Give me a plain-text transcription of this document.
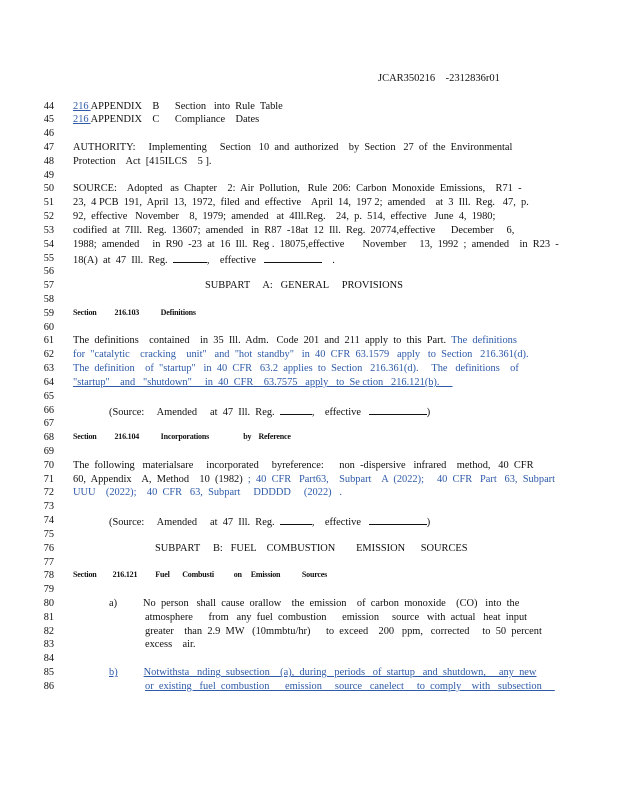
JCAR350216    -2312836r01
44 216 APPENDIX    B      Section   into  Rule  Table
45 216 APPENDIX    C      Compliance    Dates
46
47 AUTHORITY:     Implementing     Section   10  and  authorized    by  Section   27  of  the  Environmental
48 Protection    Act  [415ILCS    5 ].
49
50 SOURCE:    Adopted   as  Chapter    2:  Air  Pollution,   Rule  206:  Carbon  Monoxide  Emissions,    R71  -
51 23,  4 PCB  191,  April  13,  1972,  filed  and  effective    April  14,  197 2;  amended    at  3  Ill.  Reg.   47,  p.
52 92,  effective   November    8,  1979;  amended   at  4Ill.Reg.    24,  p.  514,  effective   June  4,  1980;
53 codified  at  7Ill.  Reg.  13607;  amended   in  R87  -18at  12  Ill.  Reg.  20774,effective      December     6,
54 1988;  amended     in  R90  -23  at  16  Ill.  Reg .  18075,effective       November     13,  1992  ;  amended    in  R23  -
55 18(A)  at  47  Ill.  Reg.	,    effective	.
56
57	SUBPART     A:   GENERAL     PROVISIONS
58
59 Section          216.103            Definitions
60
61 The  definitions    contained    in  35  Ill.  Adm.   Code  201  and  211  apply  to  this  Part.  The  definitions
62 for  "catalytic    cracking    unit"   and  "hot  standby"   in  40  CFR  63.1579   apply   to  Section   216.361(d).
63 The  definition    of  "startup"   in  40  CFR   63.2  applies  to  Section   216.361(d).     The   definitions    of
64 "startup"    and   "shutdown"     in  40  CFR    63.7575   apply   to  Se ction   216.121(b).
65
66	(Source:     Amended     at  47  Ill.  Reg.	,    effective	)
67
68 Section          216.104            Incorporations                   by    Reference
69
70 The  following   materialsare     incorporated     byreference:      non  -dispersive   infrared    method,   40  CFR
71 60,  Appendix    A,  Method    10  (1982)  ;  40  CFR   Part63,    Subpart    A  (2022);     40  CFR   Part   63,  Subpart
72 UUU    (2022);    40  CFR   63,  Subpart     DDDDD     (2022)   .
73
74	(Source:     Amended     at  47  Ill.  Reg.	,    effective	)
75
76	SUBPART     B:   FUEL    COMBUSTION        EMISSION      SOURCES
77
78 Section         216.121          Fuel       Combusti           on     Emission            Sources
79
80	a)          No  person   shall  cause  orallow    the  emission    of  carbon  monoxide    (CO)   into  the
81	atmosphere      from   any  fuel  combustion      emission     source   with  actual   heat  input
82	greater    than  2.9  MW   (10mmbtu/hr)      to  exceed    200   ppm,   corrected     to  50  percent
83	excess    air.
84
85	b) Notwithsta   nding  subsection    (a),  during   periods   of  startup   and  shutdown,     any  new
86	or  existing   fuel  combustion      emission     source   canelect     to  comply    with   subsection
